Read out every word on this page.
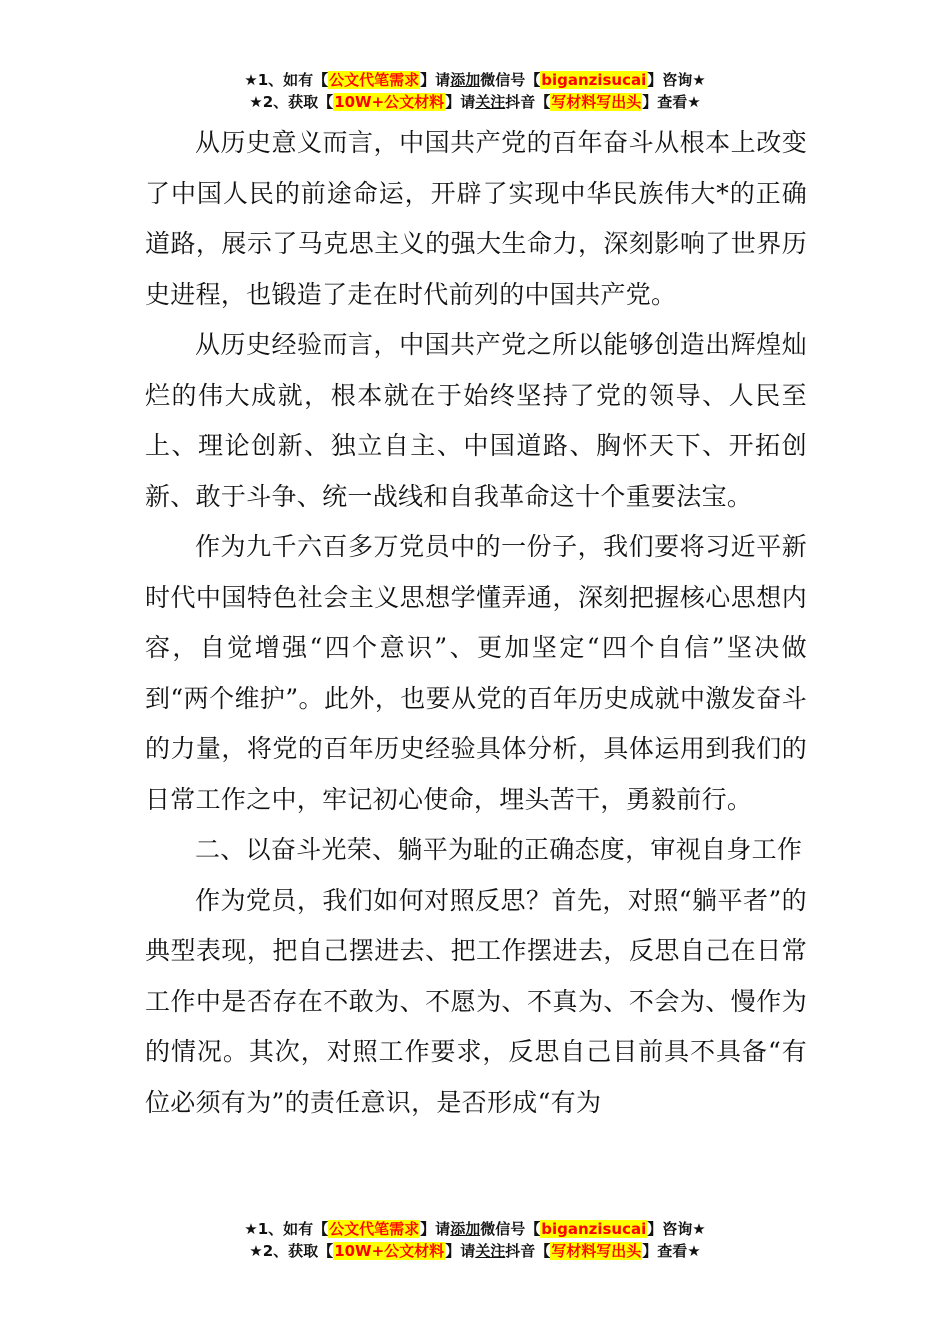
★1、如有【公文代笔需求】请添加微信号【biganzisucai】咨询★
★2、获取【10W+公文材料】请关注抖音【写材料写出头】查看★

从历史意义而言，中国共产党的百年奋斗从根本上改变了中国人民的前途命运，开辟了实现中华民族伟大*的正确道路，展示了马克思主义的强大生命力，深刻影响了世界历史进程，也锻造了走在时代前列的中国共产党。

从历史经验而言，中国共产党之所以能够创造出辉煌灿烂的伟大成就，根本就在于始终坚持了党的领导、人民至上、理论创新、独立自主、中国道路、胸怀天下、开拓创新、敢于斗争、统一战线和自我革命这十个重要法宝。

作为九千六百多万党员中的一份子，我们要将习近平新时代中国特色社会主义思想学懂弄通，深刻把握核心思想内容，自觉增强“四个意识”、更加坚定“四个自信”坚决做到“两个维护”。此外，也要从党的百年历史成就中激发奋斗的力量，将党的百年历史经验具体分析，具体运用到我们的日常工作之中，牢记初心使命，埋头苦干，勇毅前行。

二、以奋斗光荣、躺平为耻的正确态度，审视自身工作

作为党员，我们如何对照反思？首先，对照“躺平者”的典型表现，把自己摆进去、把工作摆进去，反思自己在日常工作中是否存在不敢为、不愿为、不真为、不会为、慢作为的情况。其次，对照工作要求，反思自己目前具不具备“有位必须有为”的责任意识，是否形成“有为

★1、如有【公文代笔需求】请添加微信号【biganzisucai】咨询★
★2、获取【10W+公文材料】请关注抖音【写材料写出头】查看★
